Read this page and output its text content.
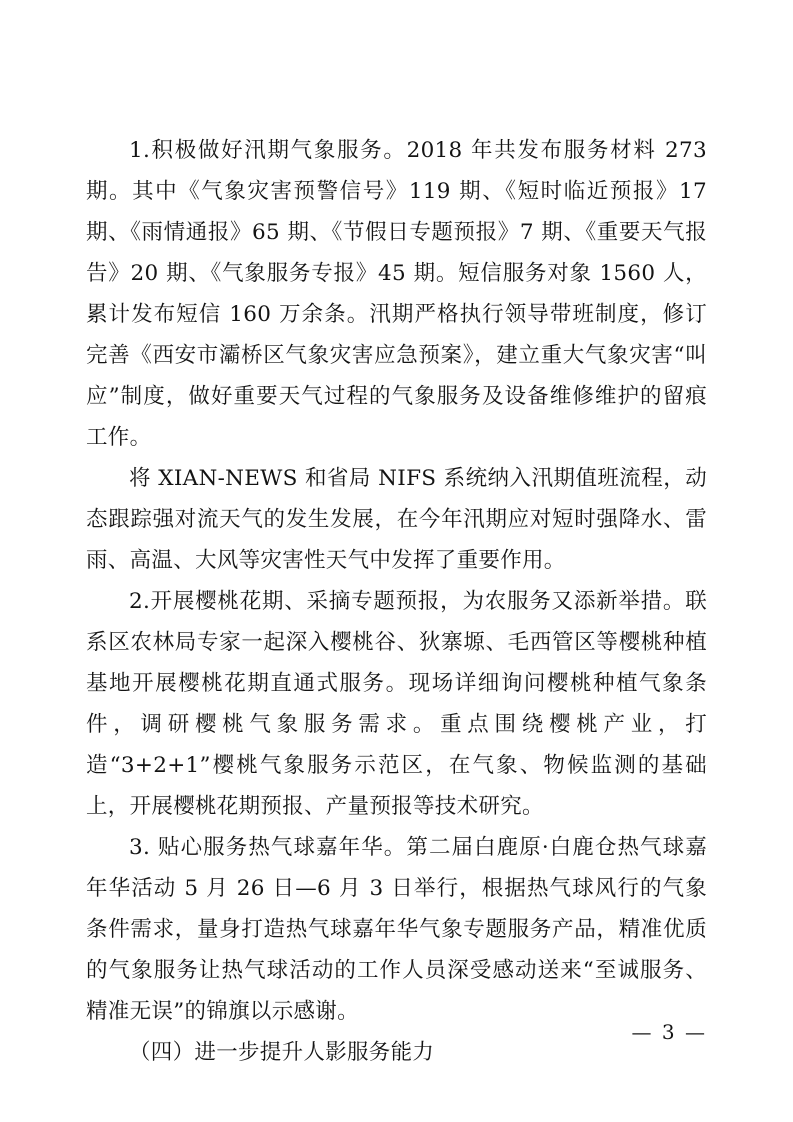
1.积极做好汛期气象服务。2018 年共发布服务材料 273 期。其中《气象灾害预警信号》119 期、《短时临近预报》17 期、《雨情通报》65 期、《节假日专题预报》7 期、《重要天气报告》20 期、《气象服务专报》45 期。短信服务对象 1560 人，累计发布短信 160 万余条。汛期严格执行领导带班制度，修订完善《西安市灞桥区气象灾害应急预案》，建立重大气象灾害“叫应”制度，做好重要天气过程的气象服务及设备维修维护的留痕工作。

将 XIAN-NEWS 和省局 NIFS 系统纳入汛期值班流程，动态跟踪强对流天气的发生发展，在今年汛期应对短时强降水、雷雨、高温、大风等灾害性天气中发挥了重要作用。

2.开展樱桃花期、采摘专题预报，为农服务又添新举措。联系区农林局专家一起深入樱桃谷、狄寨塬、毛西管区等樱桃种植基地开展樱桃花期直通式服务。现场详细询问樱桃种植气象条件，调研樱桃气象服务需求。重点围绕樱桃产业，打造“3+2+1”樱桃气象服务示范区，在气象、物候监测的基础上，开展樱桃花期预报、产量预报等技术研究。

3. 贴心服务热气球嘉年华。第二届白鹿原·白鹿仓热气球嘉年华活动 5 月 26 日—6 月 3 日举行，根据热气球风行的气象条件需求，量身打造热气球嘉年华气象专题服务产品，精准优质的气象服务让热气球活动的工作人员深受感动送来“至诚服务、精准无误”的锦旗以示感谢。

（四）进一步提升人影服务能力

— 3 —
